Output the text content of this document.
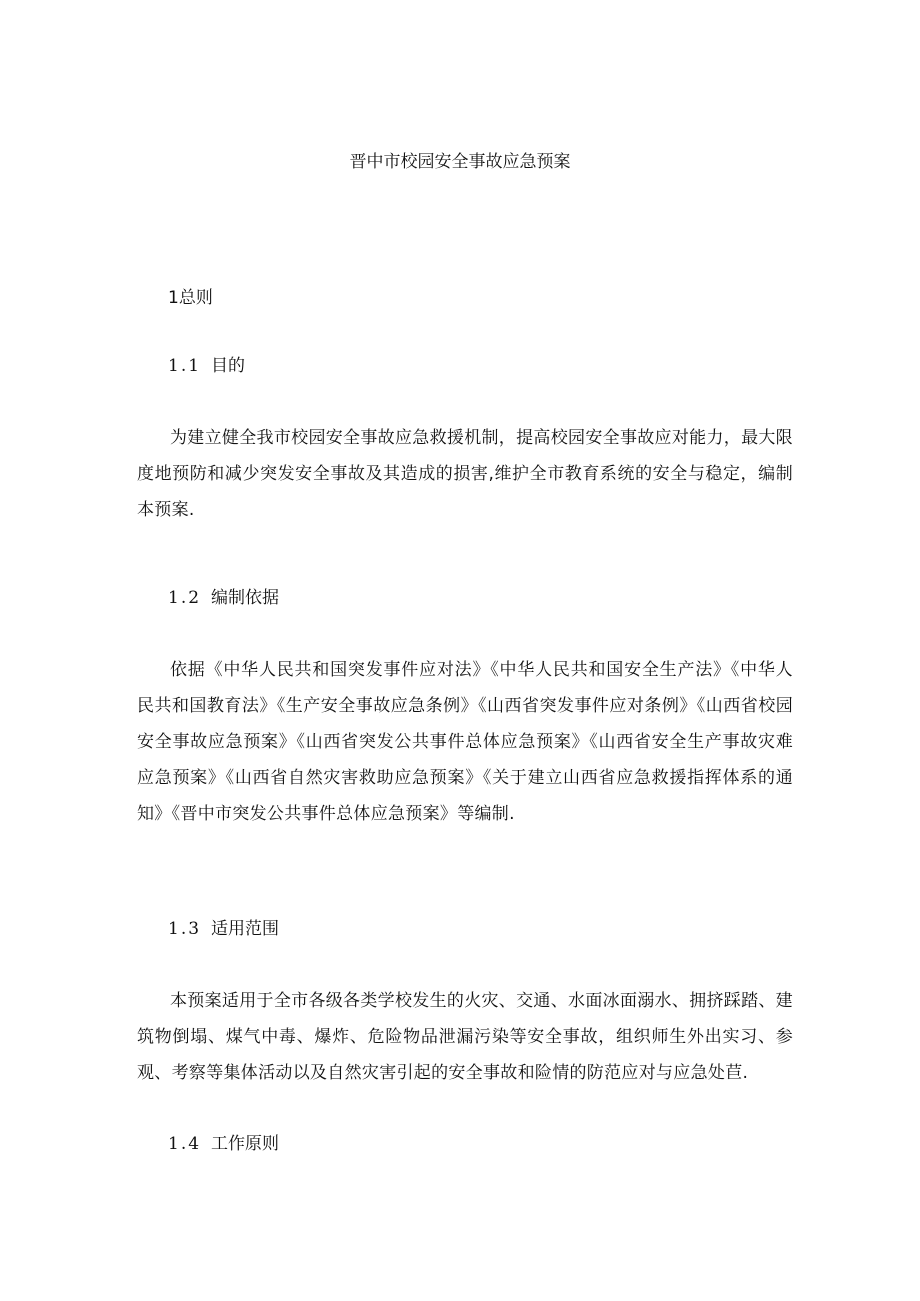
晋中市校园安全事故应急预案
1总则
1.1 目的
为建立健全我市校园安全事故应急救援机制，提高校园安全事故应对能力，最大限度地预防和减少突发安全事故及其造成的损害,维护全市教育系统的安全与稳定，编制本预案.
1.2 编制依据
依据《中华人民共和国突发事件应对法》《中华人民共和国安全生产法》《中华人民共和国教育法》《生产安全事故应急条例》《山西省突发事件应对条例》《山西省校园安全事故应急预案》《山西省突发公共事件总体应急预案》《山西省安全生产事故灾难应急预案》《山西省自然灾害救助应急预案》《关于建立山西省应急救援指挥体系的通知》《晋中市突发公共事件总体应急预案》等编制.
1.3 适用范围
本预案适用于全市各级各类学校发生的火灾、交通、水面冰面溺水、拥挤踩踏、建筑物倒塌、煤气中毒、爆炸、危险物品泄漏污染等安全事故，组织师生外出实习、参观、考察等集体活动以及自然灾害引起的安全事故和险情的防范应对与应急处苣.
1.4 工作原则
